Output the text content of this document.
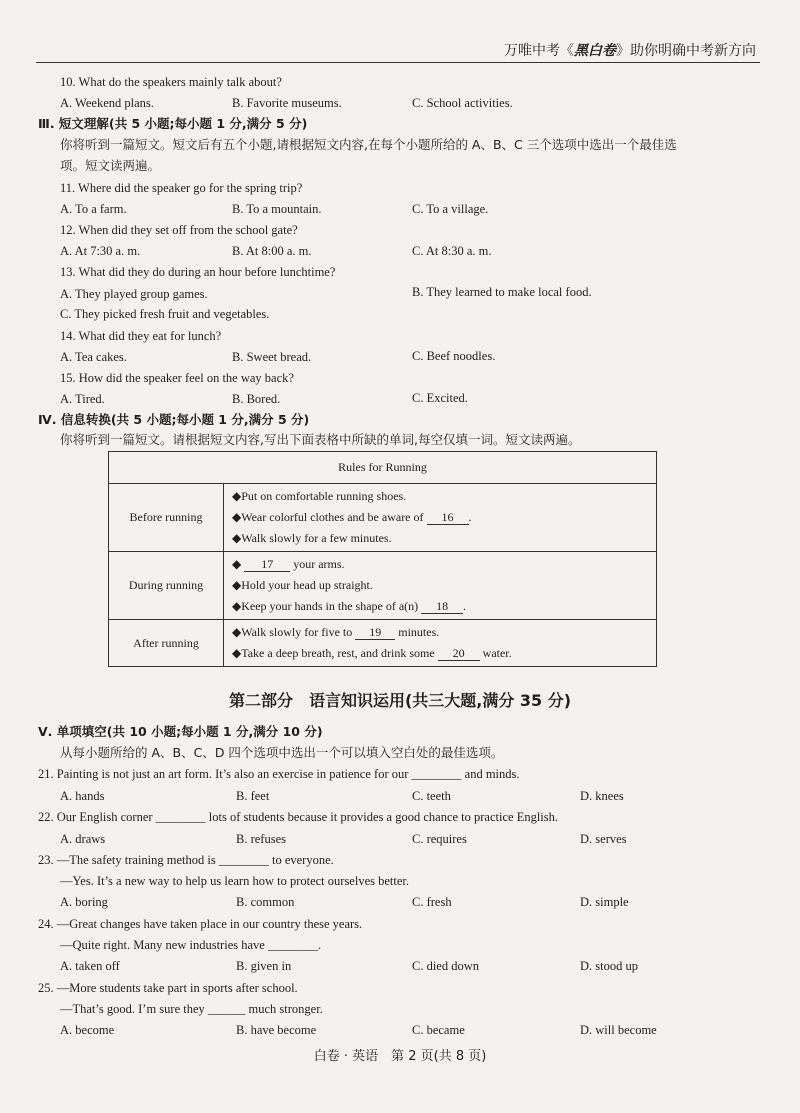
万唯中考《黑白卷》助你明确中考新方向
10. What do the speakers mainly talk about?
A. Weekend plans.	B. Favorite museums.	C. School activities.
Ⅲ. 短文理解(共 5 小题;每小题 1 分,满分 5 分)
你将听到一篇短文。短文后有五个小题,请根据短文内容,在每个小题所给的 A、B、C 三个选项中选出一个最佳选
项。短文读两遍。
11. Where did the speaker go for the spring trip?
A. To a farm.	B. To a mountain.	C. To a village.
12. When did they set off from the school gate?
A. At 7:30 a. m.	B. At 8:00 a. m.	C. At 8:30 a. m.
13. What did they do during an hour before lunchtime?
A. They played group games.	B. They learned to make local food.
C. They picked fresh fruit and vegetables.
14. What did they eat for lunch?
A. Tea cakes.	B. Sweet bread.	C. Beef noodles.
15. How did the speaker feel on the way back?
A. Tired.	B. Bored.	C. Excited.
Ⅳ. 信息转换(共 5 小题;每小题 1 分,满分 5 分)
你将听到一篇短文。请根据短文内容,写出下面表格中所缺的单词,每空仅填一词。短文读两遍。
Rules for Running	
Before running	◆Put on comfortable running shoes.
◆Wear colorful clothes and be aware of 16 .
◆Walk slowly for a few minutes.

During running	◆ 17 your arms.
◆Hold your head up straight.
◆Keep your hands in the shape of a(n) 18 .

After running	◆Walk slowly for five to 19 minutes.
◆Take a deep breath, rest, and drink some 20 water.
第二部分　语言知识运用(共三大题,满分 35 分)
Ⅴ. 单项填空(共 10 小题;每小题 1 分,满分 10 分)
从每小题所给的 A、B、C、D 四个选项中选出一个可以填入空白处的最佳选项。
21. Painting is not just an art form. It’s also an exercise in patience for our ________ and minds.
A. hands	B. feet	C. teeth	D. knees
22. Our English corner ________ lots of students because it provides a good chance to practice English.
A. draws	B. refuses	C. requires	D. serves
23. —The safety training method is ________ to everyone.
—Yes. It’s a new way to help us learn how to protect ourselves better.
A. boring	B. common	C. fresh	D. simple
24. —Great changes have taken place in our country these years.
—Quite right. Many new industries have ________.
A. taken off	B. given in	C. died down	D. stood up
25. —More students take part in sports after school.
—That’s good. I’m sure they ______ much stronger.
A. become	B. have become	C. became	D. will become
白卷 · 英语　第 2 页(共 8 页)
